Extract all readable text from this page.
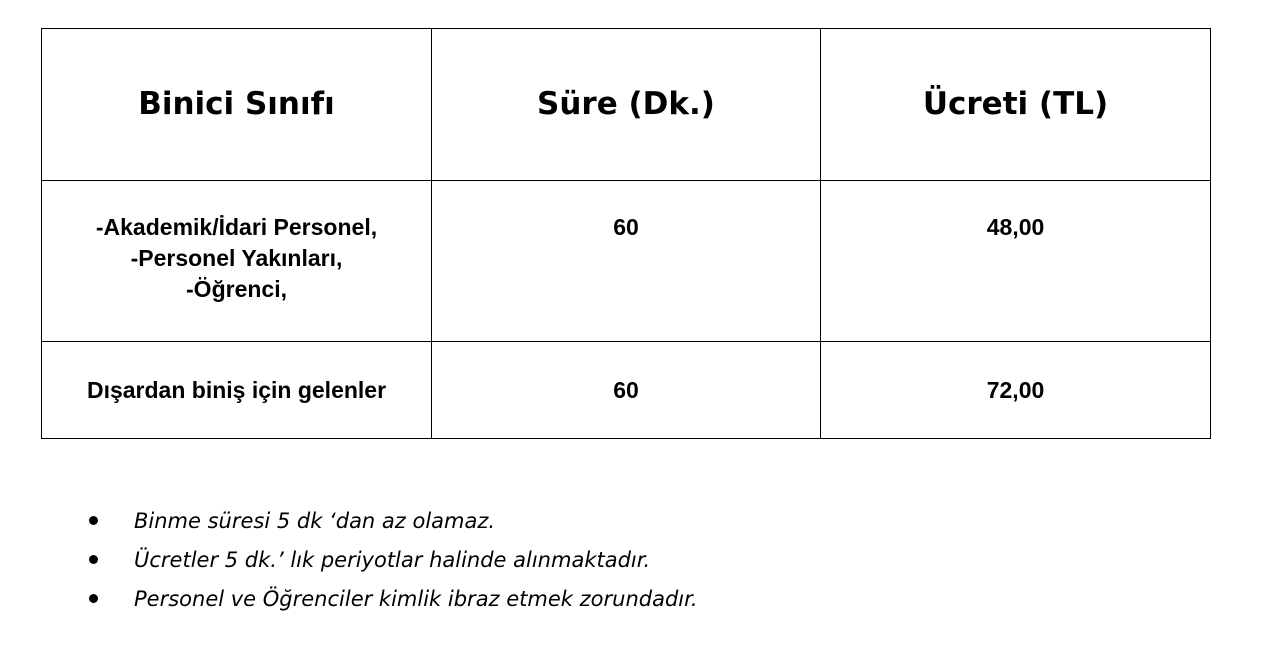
Binici Sınıfı	Süre (Dk.)	Ücreti (TL)

-Akademik/İdari Personel,
-Personel Yakınları,
-Öğrenci,	60	48,00

Dışardan biniş için gelenler	60	72,00
Binme süresi 5 dk ‘dan az olamaz.
Ücretler 5 dk.’ lık periyotlar halinde alınmaktadır.
Personel ve Öğrenciler kimlik ibraz etmek zorundadır.
